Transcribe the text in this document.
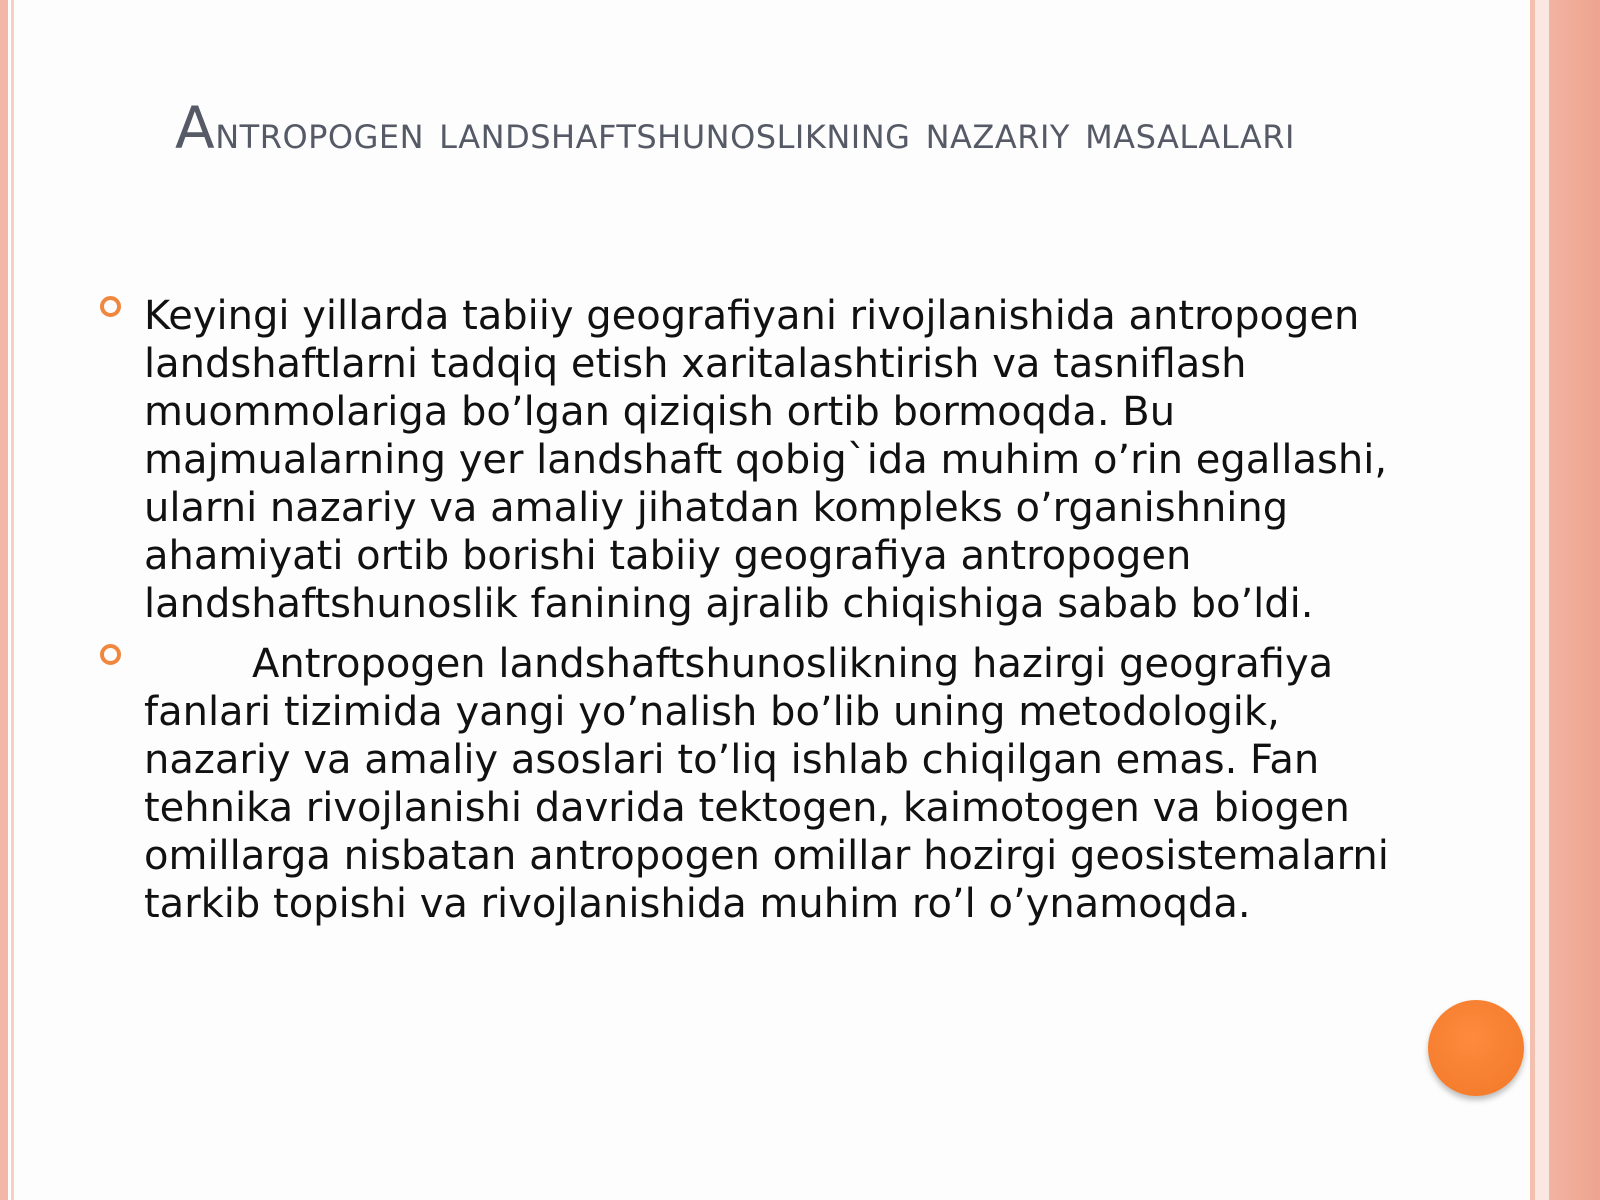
Antropogen landshaftshunoslikning nazariy masalalari
Keyingi yillarda tabiiy geografiyani rivojlanishida antropogen landshaftlarni tadqiq etish xaritalashtirish va tasniflash muommolariga bo’lgan qiziqish ortib bormoqda. Bu majmualarning yer landshaft qobig`ida muhim o’rin egallashi, ularni nazariy va amaliy jihatdan kompleks o’rganishning ahamiyati ortib borishi tabiiy geografiya antropogen landshaftshunoslik fanining ajralib chiqishiga sabab bo’ldi.
Antropogen landshaftshunoslikning hazirgi geografiya fanlari tizimida yangi yo’nalish bo’lib uning metodologik, nazariy va amaliy asoslari to’liq ishlab chiqilgan emas. Fan tehnika rivojlanishi davrida tektogen, kaimotogen va biogen omillarga nisbatan antropogen omillar hozirgi geosistemalarni tarkib topishi va rivojlanishida muhim ro’l o’ynamoqda.
